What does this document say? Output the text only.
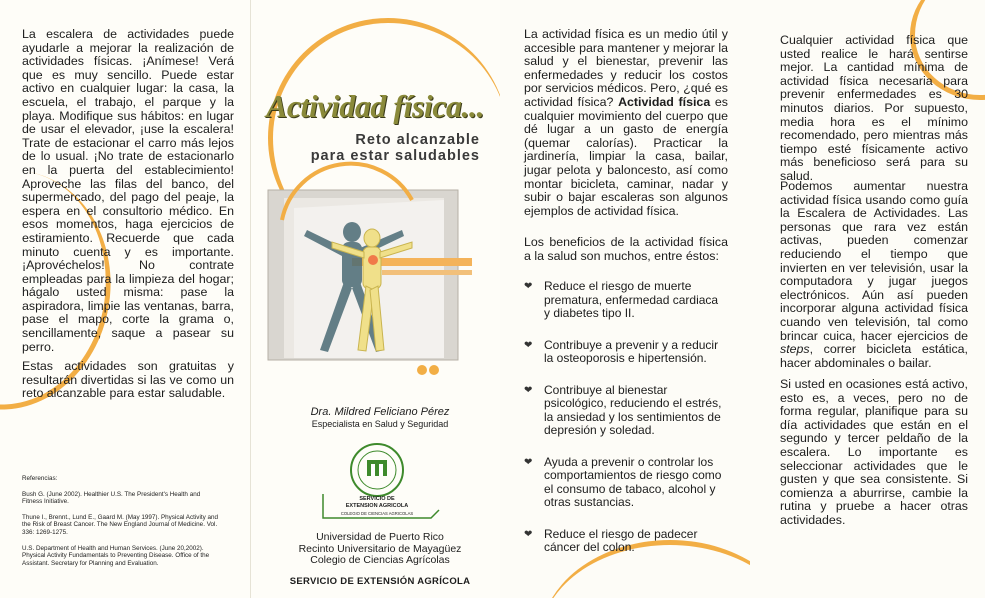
La escalera de actividades puede ayudarle a mejorar la realización de actividades físicas. ¡Anímese! Verá que es muy sencillo. Puede estar activo en cualquier lugar: la casa, la escuela, el trabajo, el parque y la playa. Modifique sus hábitos: en lugar de usar el elevador, ¡use la escalera! Trate de estacionar el carro más lejos de lo usual. ¡No trate de estacionarlo en la puerta del establecimiento! Aproveche las filas del banco, del supermercado, del pago del peaje, la espera en el consultorio médico. En esos momentos, haga ejercicios de estiramiento. Recuerde que cada minuto cuenta y es importante. ¡Aprovéchelos! No contrate empleadas para la limpieza del hogar; hágalo usted misma: pase la aspiradora, limpie las ventanas, barra, pase el mapo, corte la grama o, sencillamente, saque a pasear su perro.
Estas actividades son gratuitas y resultarán divertidas si las ve como un reto alcanzable para estar saludable.

Referencias:

Bush G. (June 2002). Healthier U.S. The President's Health and Fitness Initiative.

Thune I., Brennt., Lund E., Gaard M. (May 1997). Physical Activity and the Risk of Breast Cancer. The New England Journal of Medicine. Vol. 336: 1269-1275.

U.S. Department of Health and Human Services. (June 20,2002). Physical Activity Fundamentals to Preventing Disease. Office of the Assistant. Secretary for Planning and Evaluation.

Actividad física...
Reto alcanzable
para estar saludables
Dra. Mildred Feliciano Pérez
Especialista en Salud y Seguridad
SERVICIO DE
EXTENSION AGRICOLA
COLEGIO DE CIENCIAS AGRICOLAS
Universidad de Puerto Rico
Recinto Universitario de Mayagüez
Colegio de Ciencias Agrícolas
SERVICIO DE EXTENSIÓN AGRÍCOLA
La actividad física es un medio útil y accesible para mantener y mejorar la salud y el bienestar, prevenir las enfermedades y reducir los costos por servicios médicos. Pero, ¿qué es actividad física? Actividad física es cualquier movimiento del cuerpo que dé lugar a un gasto de energía (quemar calorías). Practicar la jardinería, limpiar la casa, bailar, jugar pelota y baloncesto, así como montar bicicleta, caminar, nadar y subir o bajar escaleras son algunos ejemplos de actividad física.
Los beneficios de la actividad física a la salud son muchos, entre éstos:
❤ Reduce el riesgo de muerte prematura, enfermedad cardiaca y diabetes tipo II.
❤ Contribuye a prevenir y a reducir la osteoporosis e hipertensión.
❤ Contribuye al bienestar psicológico, reduciendo el estrés, la ansiedad y los sentimientos de depresión y soledad.
❤ Ayuda a prevenir o controlar los comportamientos de riesgo como el consumo de tabaco, alcohol y otras sustancias.
❤ Reduce el riesgo de padecer cáncer del colon.
Cualquier actividad física que usted realice le hará sentirse mejor. La cantidad mínima de actividad física necesaria para prevenir enfermedades es 30 minutos diarios. Por supuesto, media hora es el mínimo recomendado, pero mientras más tiempo esté físicamente activo más beneficioso será para su salud.
Podemos aumentar nuestra actividad física usando como guía la Escalera de Actividades. Las personas que rara vez están activas, pueden comenzar reduciendo el tiempo que invierten en ver televisión, usar la computadora y jugar juegos electrónicos. Aún así pueden incorporar alguna actividad física cuando ven televisión, tal como brincar cuica, hacer ejercicios de steps, correr bicicleta estática, hacer abdominales o bailar.
Si usted en ocasiones está activo, esto es, a veces, pero no de forma regular, planifique para su día actividades que están en el segundo y tercer peldaño de la escalera. Lo importante es seleccionar actividades que le gusten y que sea consistente. Si comienza a aburrirse, cambie la rutina y pruebe a hacer otras actividades.
